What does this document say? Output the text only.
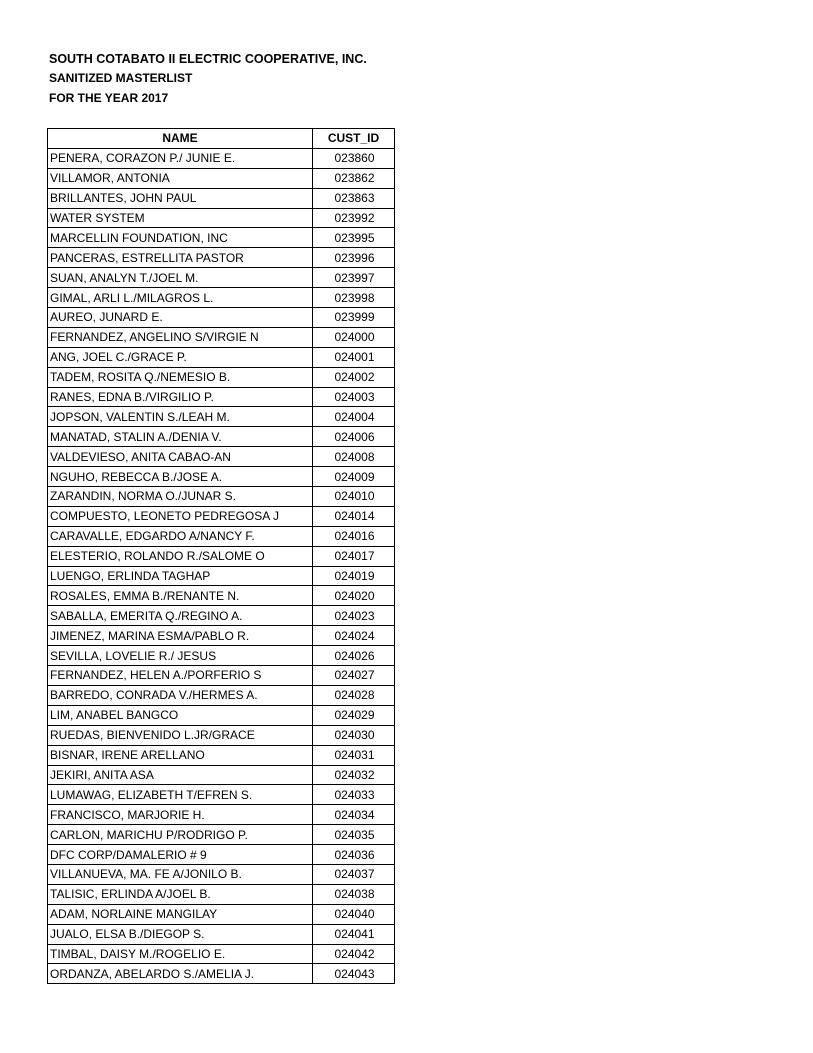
SOUTH COTABATO II ELECTRIC COOPERATIVE, INC.
SANITIZED MASTERLIST
FOR THE YEAR 2017
NAME	CUST_ID
PENERA, CORAZON P./ JUNIE E.	023860
VILLAMOR, ANTONIA	023862
BRILLANTES, JOHN PAUL	023863
WATER SYSTEM	023992
MARCELLIN FOUNDATION, INC	023995
PANCERAS, ESTRELLITA PASTOR	023996
SUAN, ANALYN T./JOEL M.	023997
GIMAL, ARLI L./MILAGROS L.	023998
AUREO, JUNARD E.	023999
FERNANDEZ, ANGELINO S/VIRGIE N	024000
ANG, JOEL C./GRACE P.	024001
TADEM, ROSITA Q./NEMESIO B.	024002
RANES, EDNA B./VIRGILIO P.	024003
JOPSON, VALENTIN S./LEAH M.	024004
MANATAD, STALIN A./DENIA V.	024006
VALDEVIESO, ANITA CABAO-AN	024008
NGUHO, REBECCA B./JOSE A.	024009
ZARANDIN, NORMA O./JUNAR S.	024010
COMPUESTO, LEONETO PEDREGOSA J	024014
CARAVALLE, EDGARDO A/NANCY F.	024016
ELESTERIO, ROLANDO R./SALOME O	024017
LUENGO, ERLINDA TAGHAP	024019
ROSALES, EMMA B./RENANTE N.	024020
SABALLA, EMERITA Q./REGINO A.	024023
JIMENEZ, MARINA ESMA/PABLO R.	024024
SEVILLA, LOVELIE R./ JESUS	024026
FERNANDEZ, HELEN A./PORFERIO S	024027
BARREDO, CONRADA V./HERMES A.	024028
LIM, ANABEL BANGCO	024029
RUEDAS, BIENVENIDO L.JR/GRACE	024030
BISNAR, IRENE ARELLANO	024031
JEKIRI, ANITA ASA	024032
LUMAWAG, ELIZABETH T/EFREN S.	024033
FRANCISCO, MARJORIE H.	024034
CARLON, MARICHU P/RODRIGO P.	024035
DFC CORP/DAMALERIO # 9	024036
VILLANUEVA, MA. FE A/JONILO B.	024037
TALISIC, ERLINDA A/JOEL B.	024038
ADAM, NORLAINE MANGILAY	024040
JUALO, ELSA B./DIEGOP S.	024041
TIMBAL, DAISY M./ROGELIO E.	024042
ORDANZA, ABELARDO S./AMELIA J.	024043
